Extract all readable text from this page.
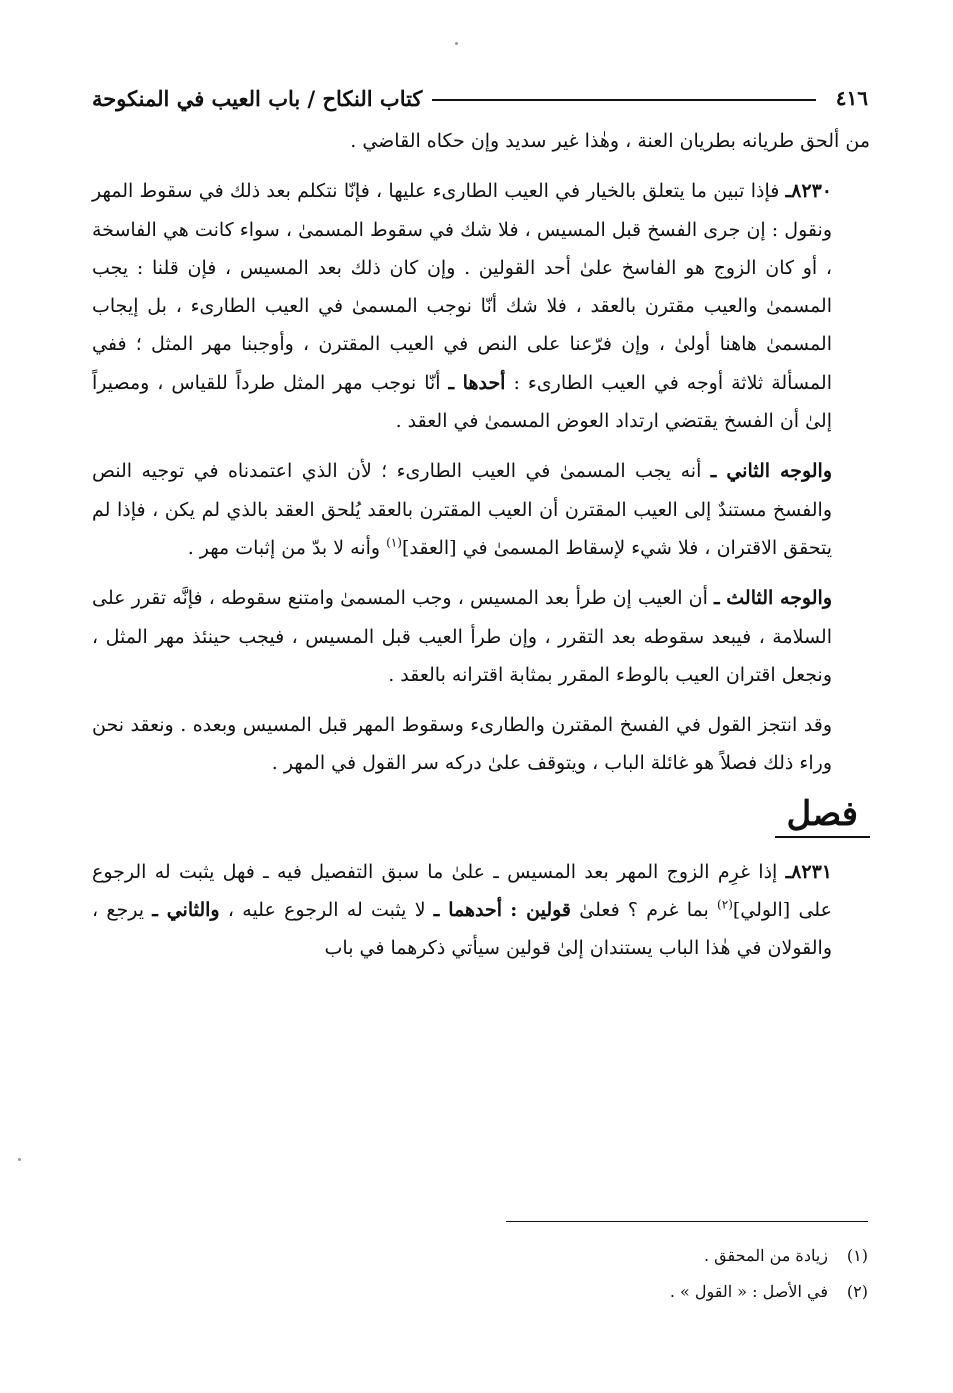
٤١٦
كتاب النكاح / باب العيب في المنكوحة

من ألحق طريانه بطريان العنة ، وهٰذا غير سديد وإن حكاه القاضي .

٨٢٣٠ـ فإذا تبين ما يتعلق بالخيار في العيب الطارىء عليها ، فإنّا نتكلم بعد ذلك في سقوط المهر ونقول : إن جرى الفسخ قبل المسيس ، فلا شك في سقوط المسمىٰ ، سواء كانت هي الفاسخة ، أو كان الزوج هو الفاسخ علىٰ أحد القولين . وإن كان ذلك بعد المسيس ، فإن قلنا : يجب المسمىٰ والعيب مقترن بالعقد ، فلا شك أنّا نوجب المسمىٰ في العيب الطارىء ، بل إيجاب المسمىٰ هاهنا أولىٰ ، وإن فرّعنا على النص في العيب المقترن ، وأوجبنا مهر المثل ؛ ففي المسألة ثلاثة أوجه في العيب الطارىء : أحدها ـ أنّا نوجب مهر المثل طرداً للقياس ، ومصيراً إلىٰ أن الفسخ يقتضي ارتداد العوض المسمىٰ في العقد .

والوجه الثاني ـ أنه يجب المسمىٰ في العيب الطارىء ؛ لأن الذي اعتمدناه في توجيه النص والفسخ مستندٌ إلى العيب المقترن أن العيب المقترن بالعقد يُلحق العقد بالذي لم يكن ، فإذا لم يتحقق الاقتران ، فلا شيء لإسقاط المسمىٰ في [العقد]$^{(١)}$ وأنه لا بدّ من إثبات مهر .

والوجه الثالث ـ أن العيب إن طرأ بعد المسيس ، وجب المسمىٰ وامتنع سقوطه ، فإنَّه تقرر على السلامة ، فيبعد سقوطه بعد التقرر ، وإن طرأ العيب قبل المسيس ، فيجب حينئذ مهر المثل ، ونجعل اقتران العيب بالوطء المقرر بمثابة اقترانه بالعقد .

وقد انتجز القول في الفسخ المقترن والطارىء وسقوط المهر قبل المسيس وبعده . ونعقد نحن وراء ذلك فصلاً هو غائلة الباب ، ويتوقف علىٰ دركه سر القول في المهر .

فصل

٨٢٣١ـ إذا غرِم الزوج المهر بعد المسيس ـ علىٰ ما سبق التفصيل فيه ـ فهل يثبت له الرجوع على [الولي]$^{(٢)}$ بما غرم ؟ فعلىٰ قولين : أحدهما ـ لا يثبت له الرجوع عليه ، والثاني ـ يرجع ، والقولان في هٰذا الباب يستندان إلىٰ قولين سيأتي ذكرهما في باب

(١)
زيادة من المحقق .
(٢)
في الأصل : « القول » .
